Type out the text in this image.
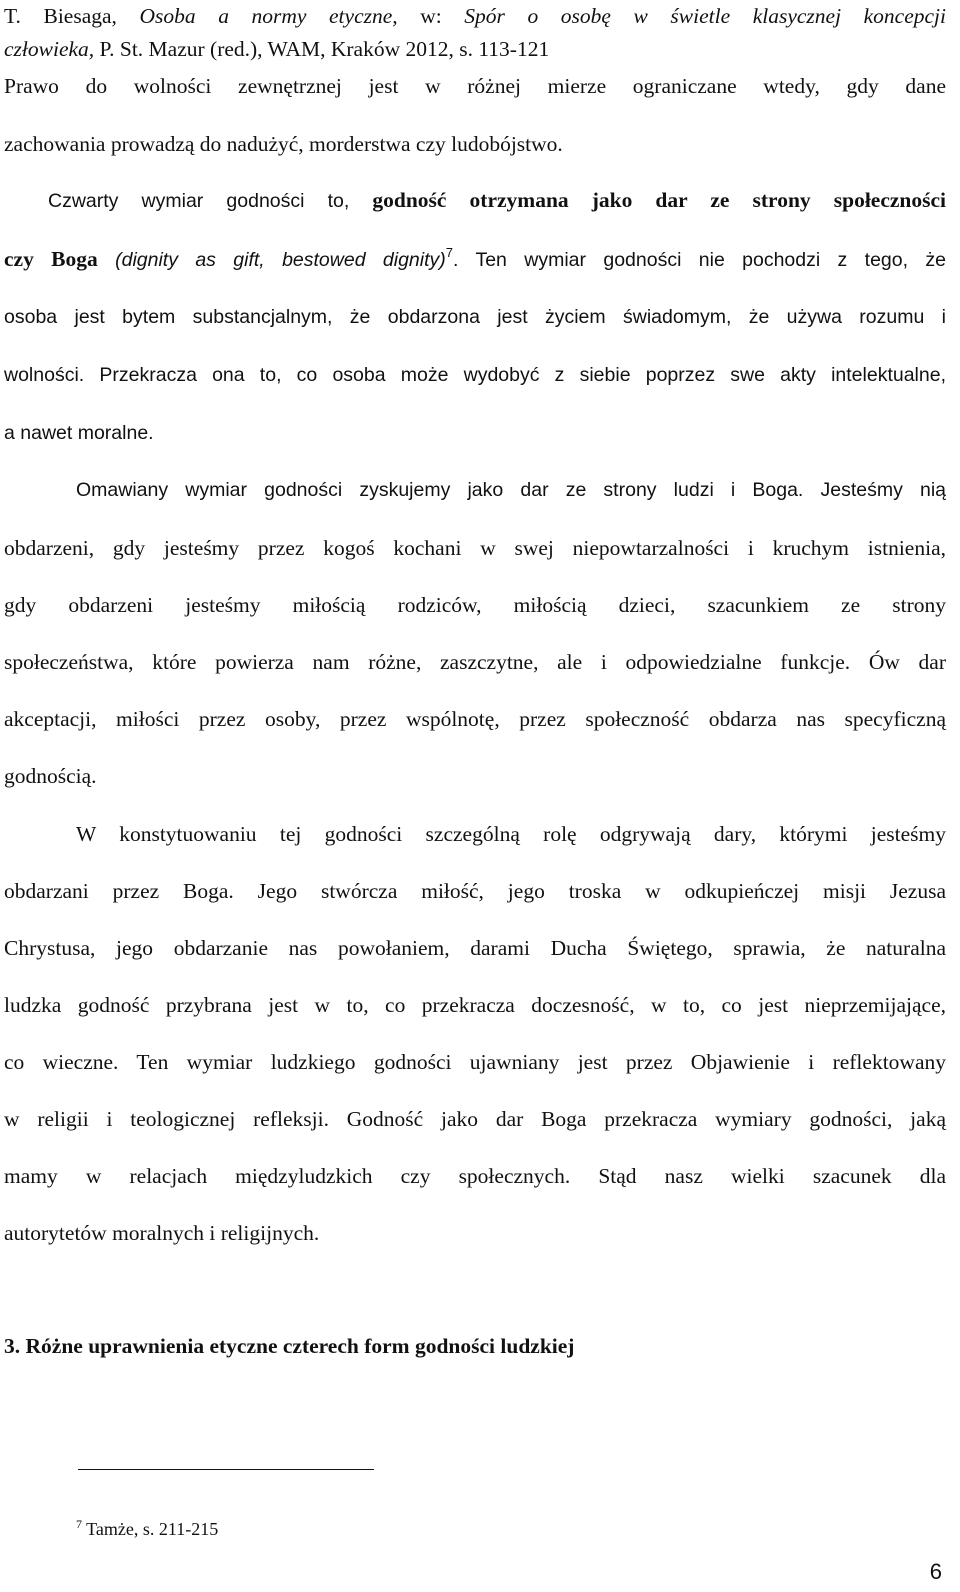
T. Biesaga, Osoba a normy etyczne, w: Spór o osobę w świetle klasycznej koncepcji
człowieka, P. St. Mazur (red.), WAM, Kraków 2012, s. 113-121
Prawo do wolności zewnętrznej jest w różnej mierze ograniczane wtedy, gdy dane
zachowania prowadzą do nadużyć, morderstwa czy ludobójstwo.
Czwarty wymiar godności to, godność otrzymana jako dar ze strony społeczności
czy Boga (dignity as gift, bestowed dignity)$^7$. Ten wymiar godności nie pochodzi z tego, że
osoba jest bytem substancjalnym, że obdarzona jest życiem świadomym, że używa rozumu i
wolności. Przekracza ona to, co osoba może wydobyć z siebie poprzez swe akty intelektualne,
a nawet moralne.
Omawiany wymiar godności zyskujemy jako dar ze strony ludzi i Boga. Jesteśmy nią
obdarzeni, gdy jesteśmy przez kogoś kochani w swej niepowtarzalności i kruchym istnienia,
gdy obdarzeni jesteśmy miłością rodziców, miłością dzieci, szacunkiem ze strony
społeczeństwa, które powierza nam różne, zaszczytne, ale i odpowiedzialne funkcje. Ów dar
akceptacji, miłości przez osoby, przez wspólnotę, przez społeczność obdarza nas specyficzną
godnością.
W konstytuowaniu tej godności szczególną rolę odgrywają dary, którymi jesteśmy
obdarzani przez Boga. Jego stwórcza miłość, jego troska w odkupieńczej misji Jezusa
Chrystusa, jego obdarzanie nas powołaniem, darami Ducha Świętego, sprawia, że naturalna
ludzka godność przybrana jest w to, co przekracza doczesność, w to, co jest nieprzemijające,
co wieczne. Ten wymiar ludzkiego godności ujawniany jest przez Objawienie i reflektowany
w religii i teologicznej refleksji. Godność jako dar Boga przekracza wymiary godności, jaką
mamy w relacjach międzyludzkich czy społecznych. Stąd nasz wielki szacunek dla
autorytetów moralnych i religijnych.
3. Różne uprawnienia etyczne czterech form godności ludzkiej
$^7$ Tamże, s. 211-215
6
